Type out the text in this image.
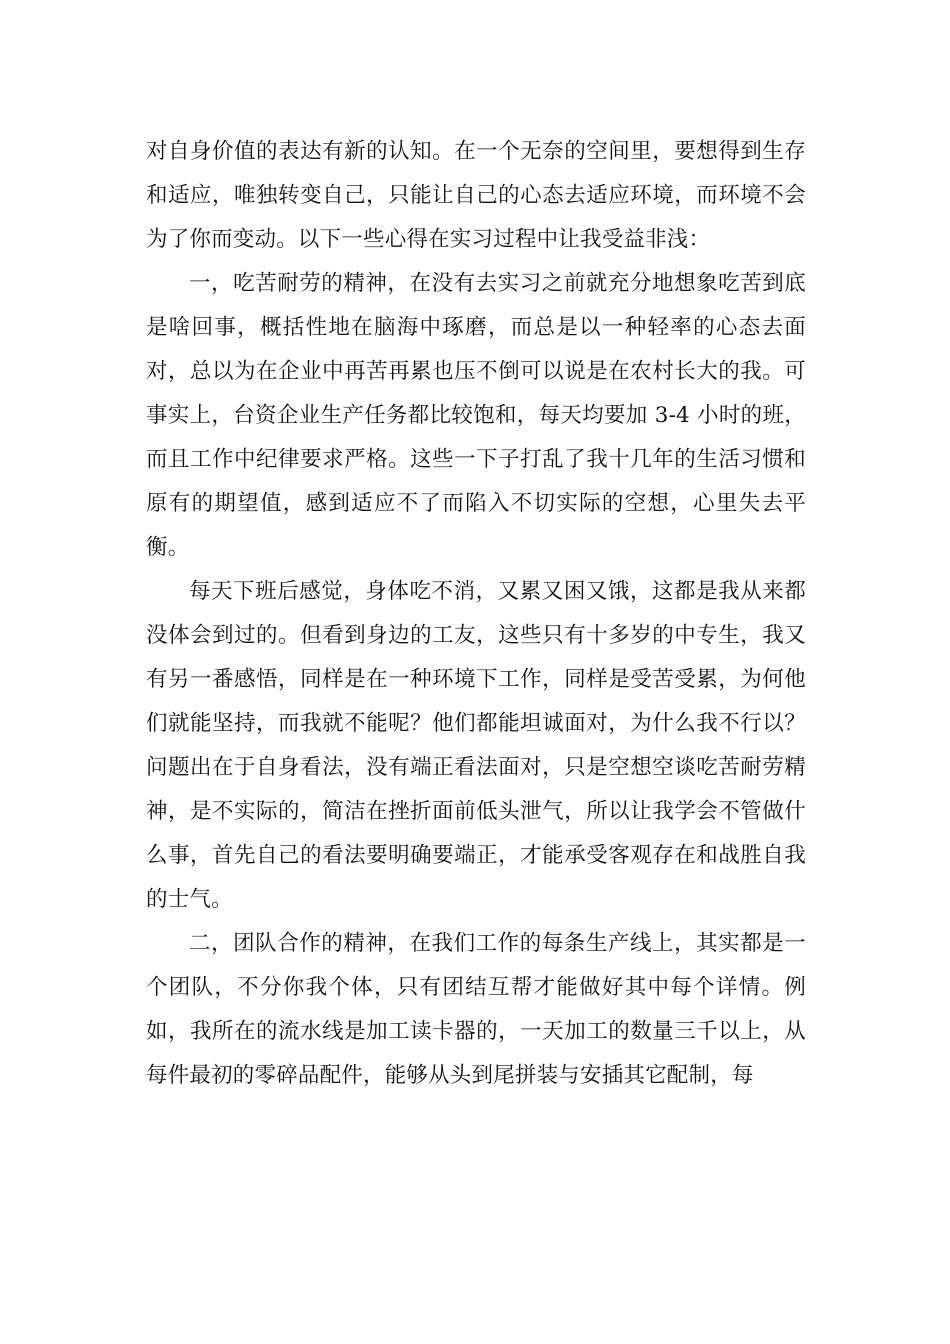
对自身价值的表达有新的认知。在一个无奈的空间里，要想得到生存和适应，唯独转变自己，只能让自己的心态去适应环境，而环境不会为了你而变动。以下一些心得在实习过程中让我受益非浅：

一，吃苦耐劳的精神，在没有去实习之前就充分地想象吃苦到底是啥回事，概括性地在脑海中琢磨，而总是以一种轻率的心态去面对，总以为在企业中再苦再累也压不倒可以说是在农村长大的我。可事实上，台资企业生产任务都比较饱和，每天均要加 3-4 小时的班，而且工作中纪律要求严格。这些一下子打乱了我十几年的生活习惯和原有的期望值，感到适应不了而陷入不切实际的空想，心里失去平衡。

每天下班后感觉，身体吃不消，又累又困又饿，这都是我从来都没体会到过的。但看到身边的工友，这些只有十多岁的中专生，我又有另一番感悟，同样是在一种环境下工作，同样是受苦受累，为何他们就能坚持，而我就不能呢？他们都能坦诚面对，为什么我不行以？问题出在于自身看法，没有端正看法面对，只是空想空谈吃苦耐劳精神，是不实际的，简洁在挫折面前低头泄气，所以让我学会不管做什么事，首先自己的看法要明确要端正，才能承受客观存在和战胜自我的士气。

二，团队合作的精神，在我们工作的每条生产线上，其实都是一个团队，不分你我个体，只有团结互帮才能做好其中每个详情。例如，我所在的流水线是加工读卡器的，一天加工的数量三千以上，从每件最初的零碎品配件，能够从头到尾拼装与安插其它配制，每
